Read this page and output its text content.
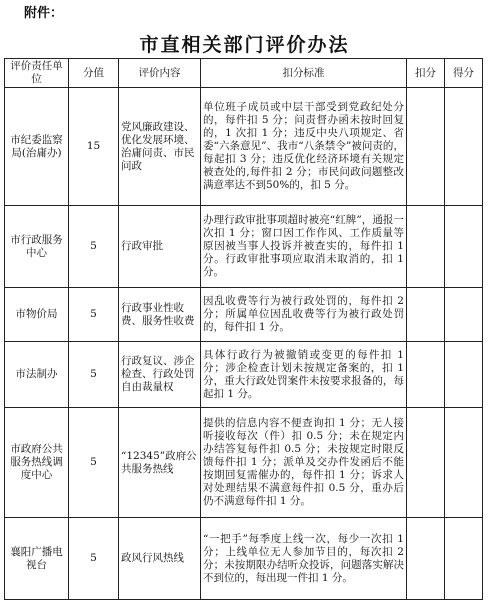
附件：
市直相关部门评价办法
评价责任单位	分值	评价内容	扣分标准	扣分	得分
市纪委监察局(治庸办)	15	党风廉政建设、优化发展环境、治庸问责、市民问政	单位班子成员或中层干部受到党政纪处分的，每件扣 5 分；问责督办函未按时回复的，1 次扣 1 分；违反中央八项规定、省委“六条意见”、我市“八条禁令”被问责的，每起扣 3 分；违反优化经济环境有关规定被查处的,每件扣 2 分；市民问政问题整改满意率达不到50%的，扣 5 分。		
市行政服务中心	5	行政审批	办理行政审批事项超时被亮“红牌”，通报一次扣 1 分；窗口因工作作风、工作质量等原因被当事人投诉并被查实的，每件扣 1 分。行政审批事项应取消未取消的，扣 1 分。		
市物价局	5	行政事业性收费、服务性收费	因乱收费等行为被行政处罚的，每件扣 2 分；所属单位因乱收费等行为被行政处罚的，每件扣 1 分。		
市法制办	5	行政复议、涉企检查、行政处罚自由裁量权	具体行政行为被撤销或变更的每件扣 1 分；涉企检查计划未按规定备案的，扣 1 分，重大行政处罚案件未按要求报备的，每起扣 1 分。		
市政府公共服务热线调度中心	5	“12345”政府公共服务热线	提供的信息内容不便查询扣 1 分；无人接听接收每次（件）扣 0.5 分；未在规定内办结答复每件扣 0.5 分；未按规定时限反馈每件扣 1 分；派单及交办件发函后不能按期回复需催办的，每件扣 1 分；诉求人对处理结果不满意每件扣 0.5 分，重办后仍不满意每件扣 1 分。		
襄阳广播电视台	5	政风行风热线	“一把手”每季度上线一次，每少一次扣 1 分；上线单位无人参加节目的，每次扣 2 分；未按期限办结听众投诉，问题落实解决不到位的，每出现一件扣 1 分。		
